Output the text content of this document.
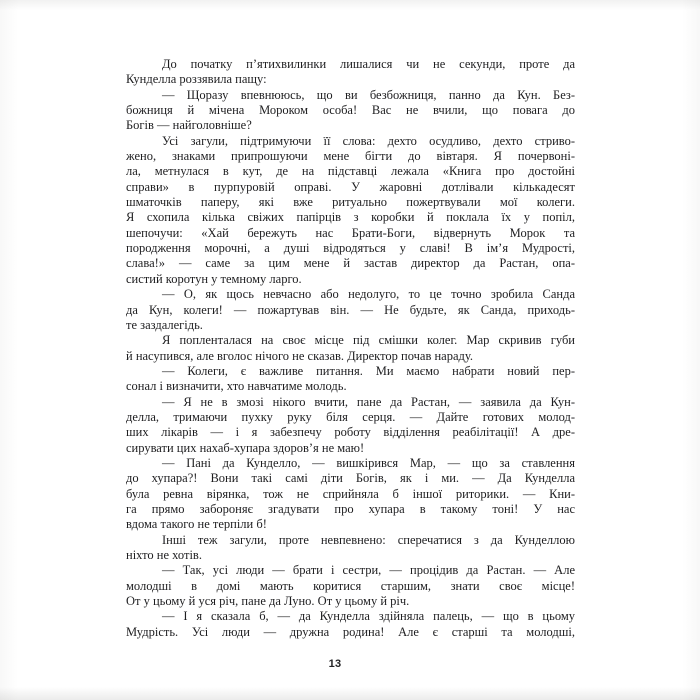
До початку п’ятихвилинки лишалися чи не секунди, проте да
Кунделла роззявила пащу:
— Щоразу впевнююсь, що ви безбожниця, панно да Кун. Без-
божниця й мічена Мороком особа! Вас не вчили, що повага до
Богів — найголовніше?
Усі загули, підтримуючи її слова: дехто осудливо, дехто стриво-
жено, знаками припрошуючи мене бігти до вівтаря. Я почервоні-
ла, метнулася в кут, де на підставці лежала «Книга про достойні
справи» в пурпуровій оправі. У жаровні дотлівали кількадесят
шматочків паперу, які вже ритуально пожертвували мої колеги.
Я схопила кілька свіжих папірців з коробки й поклала їх у попіл,
шепочучи: «Хай бережуть нас Брати-Боги, відвернуть Морок та
породження морочні, а душі відродяться у славі! В ім’я Мудрості,
слава!» — саме за цим мене й застав директор да Растан, опа-
систий коротун у темному ларго.
— О, як щось невчасно або недолуго, то це точно зробила Санда
да Кун, колеги! — пожартував він. — Не будьте, як Санда, приходь-
те заздалегідь.
Я попленталася на своє місце під смішки колег. Мар скривив губи
й насупився, але вголос нічого не сказав. Директор почав нараду.
— Колеги, є важливе питання. Ми маємо набрати новий пер-
сонал і визначити, хто навчатиме молодь.
— Я не в змозі нікого вчити, пане да Растан, — заявила да Кун-
делла, тримаючи пухку руку біля серця. — Дайте готових молод-
ших лікарів — і я забезпечу роботу відділення реабілітації! А дре-
сирувати цих нахаб-хупара здоров’я не маю!
— Пані да Кунделло, — вишкірився Мар, — що за ставлення
до хупара?! Вони такі самі діти Богів, як і ми. — Да Кунделла
була ревна вірянка, тож не сприйняла б іншої риторики. — Кни-
га прямо забороняє згадувати про хупара в такому тоні! У нас
вдома такого не терпіли б!
Інші теж загули, проте невпевнено: сперечатися з да Кунделлою
ніхто не хотів.
— Так, усі люди — брати і сестри, — процідив да Растан. — Але
молодші в домі мають коритися старшим, знати своє місце!
От у цьому й уся річ, пане да Луно. От у цьому й річ.
— І я сказала б, — да Кунделла здійняла палець, — що в цьому
Мудрість. Усі люди — дружна родина! Але є старші та молодші,
13
